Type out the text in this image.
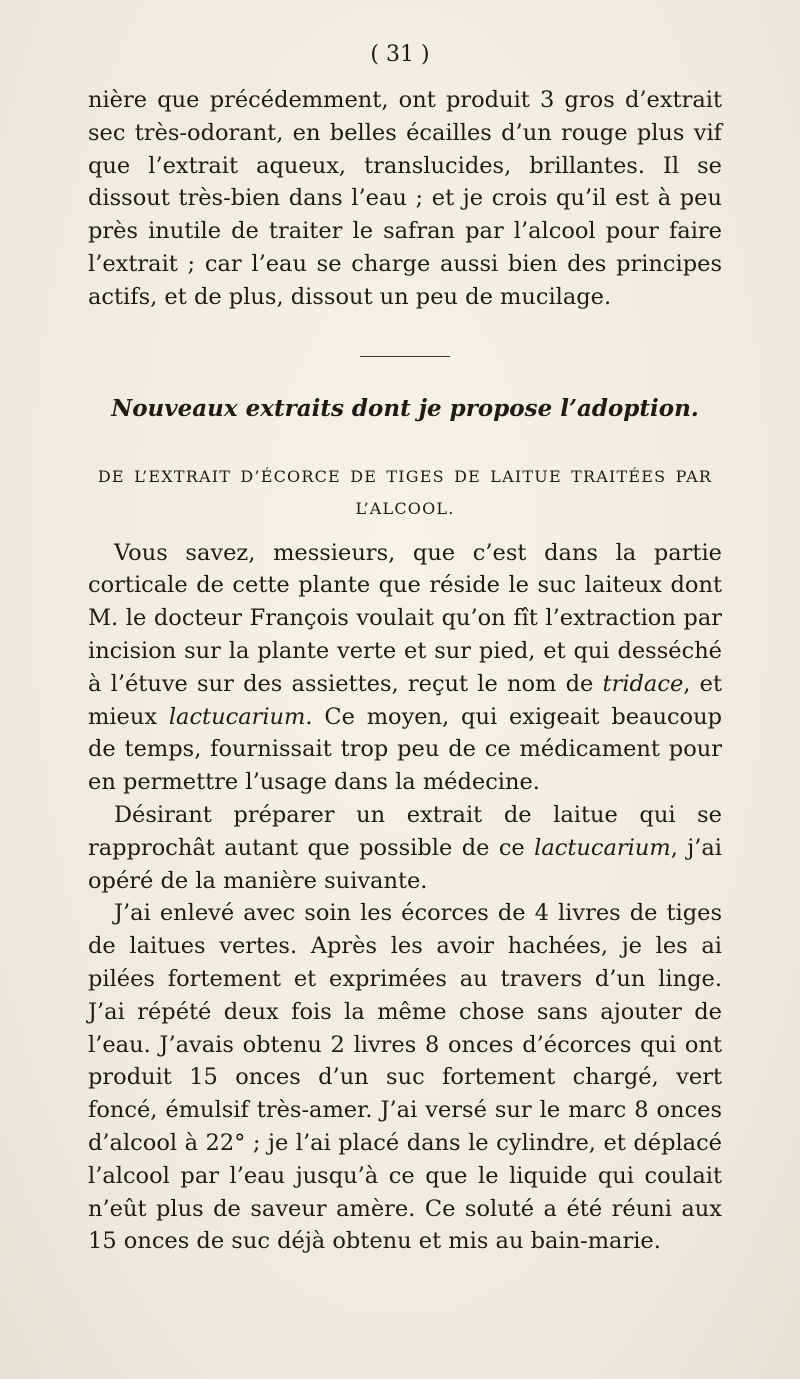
( 31 )

nière que précédemment, ont produit 3 gros d’extrait sec très-odorant, en belles écailles d’un rouge plus vif que l’extrait aqueux, translucides, brillantes. Il se dissout très-bien dans l’eau ; et je crois qu’il est à peu près inutile de traiter le safran par l’alcool pour faire l’extrait ; car l’eau se charge aussi bien des principes actifs, et de plus, dissout un peu de mucilage.

Nouveaux extraits dont je propose l’adoption.

DE L’EXTRAIT D’ÉCORCE DE TIGES DE LAITUE TRAITÉES PAR L’ALCOOL.

Vous savez, messieurs, que c’est dans la partie corticale de cette plante que réside le suc laiteux dont M. le docteur François voulait qu’on fît l’extraction par incision sur la plante verte et sur pied, et qui desséché à l’étuve sur des assiettes, reçut le nom de tridace, et mieux lactucarium. Ce moyen, qui exigeait beaucoup de temps, fournissait trop peu de ce médicament pour en permettre l’usage dans la médecine.

Désirant préparer un extrait de laitue qui se rapprochât autant que possible de ce lactucarium, j’ai opéré de la manière suivante.

J’ai enlevé avec soin les écorces de 4 livres de tiges de laitues vertes. Après les avoir hachées, je les ai pilées fortement et exprimées au travers d’un linge. J’ai répété deux fois la même chose sans ajouter de l’eau. J’avais obtenu 2 livres 8 onces d’écorces qui ont produit 15 onces d’un suc fortement chargé, vert foncé, émulsif très-amer. J’ai versé sur le marc 8 onces d’alcool à 22° ; je l’ai placé dans le cylindre, et déplacé l’alcool par l’eau jusqu’à ce que le liquide qui coulait n’eût plus de saveur amère. Ce soluté a été réuni aux 15 onces de suc déjà obtenu et mis au bain-marie.
